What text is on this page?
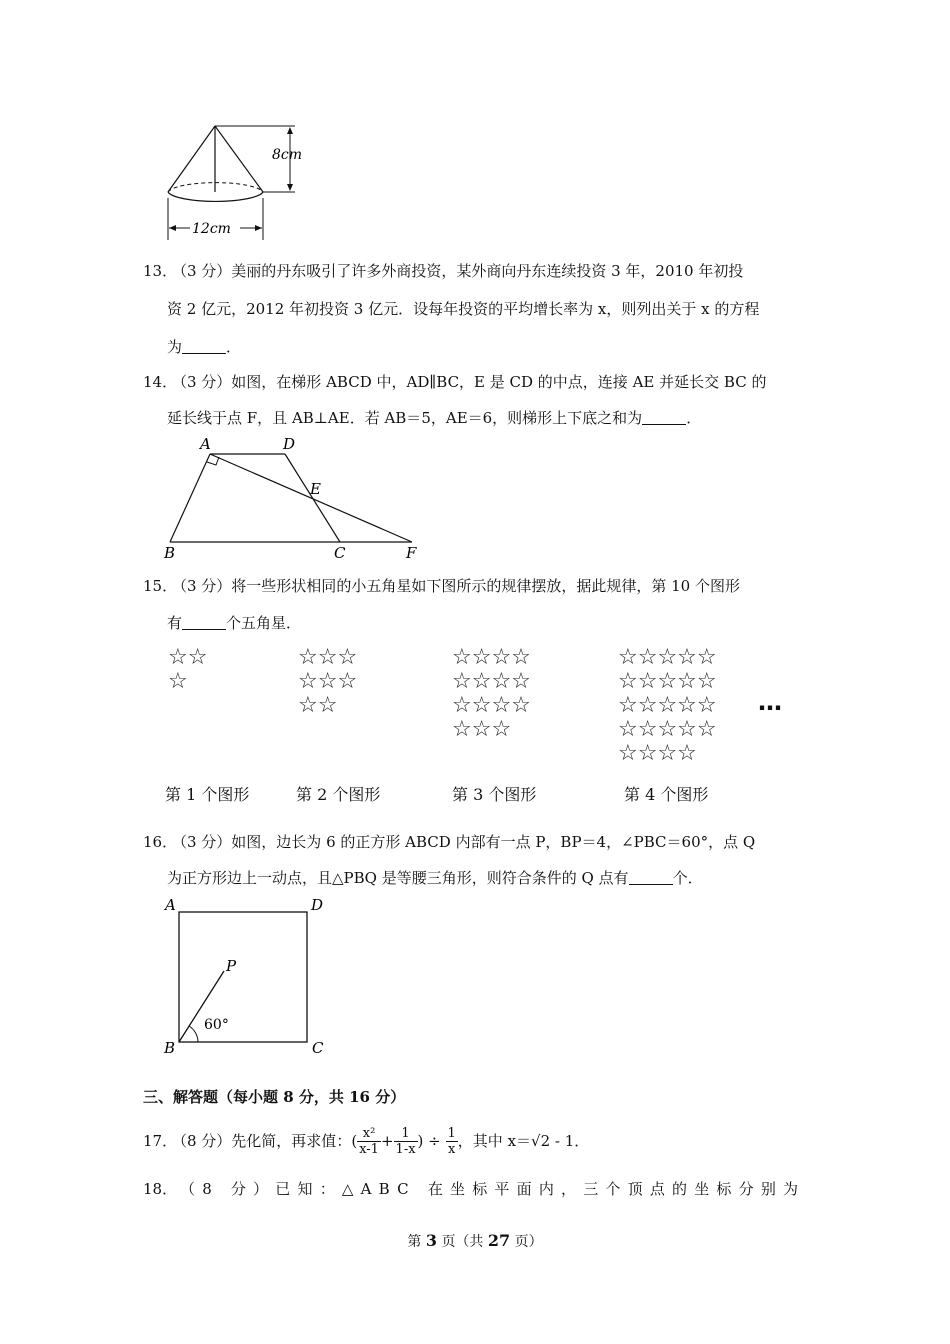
8cm
12cm
13．
（3 分）美丽的丹东吸引了许多外商投资，某外商向丹东连续投资 3 年，2010 年初投
资 2 亿元，2012 年初投资 3 亿元．设每年投资的平均增长率为 x，则列出关于 x 的方程
为	．
14．
（3 分）如图，在梯形 ABCD 中，AD∥BC，E 是 CD 的中点，连接 AE 并延长交 BC 的
延长线于点 F，且 AB⊥AE．若 AB＝5，AE＝6，则梯形上下底之和为	．
A	D
E
B	C	F
15．
（3 分）将一些形状相同的小五角星如下图所示的规律摆放，据此规律，第 10 个图形
有	个五角星．
☆☆
☆
☆☆☆
☆☆☆
☆☆
☆☆☆☆
☆☆☆☆
☆☆☆☆
☆☆☆
☆☆☆☆☆
☆☆☆☆☆
☆☆☆☆☆
☆☆☆☆☆
☆☆☆☆
…
第 1 个图形	第 2 个图形	第 3 个图形	第 4 个图形
16．
（3 分）如图，边长为 6 的正方形 ABCD 内部有一点 P，BP＝4，∠PBC＝60°，点 Q
为正方形边上一动点，且△PBQ 是等腰三角形，则符合条件的 Q 点有	个．
A	D
P
B	C
60°
三、解答题（每小题 8 分，共 16 分）
17．
（8 分）先化简，再求值： ( $\frac{\text{x²}}{x-1} + \frac{1}{1-x}$ ) ÷ $\frac{1}{x}$ ，其中 x＝√2 - 1．
18． （8 分）已知：△ABC 在坐标平面内，三个顶点的坐标分别为
第 3 页（共 27 页）
